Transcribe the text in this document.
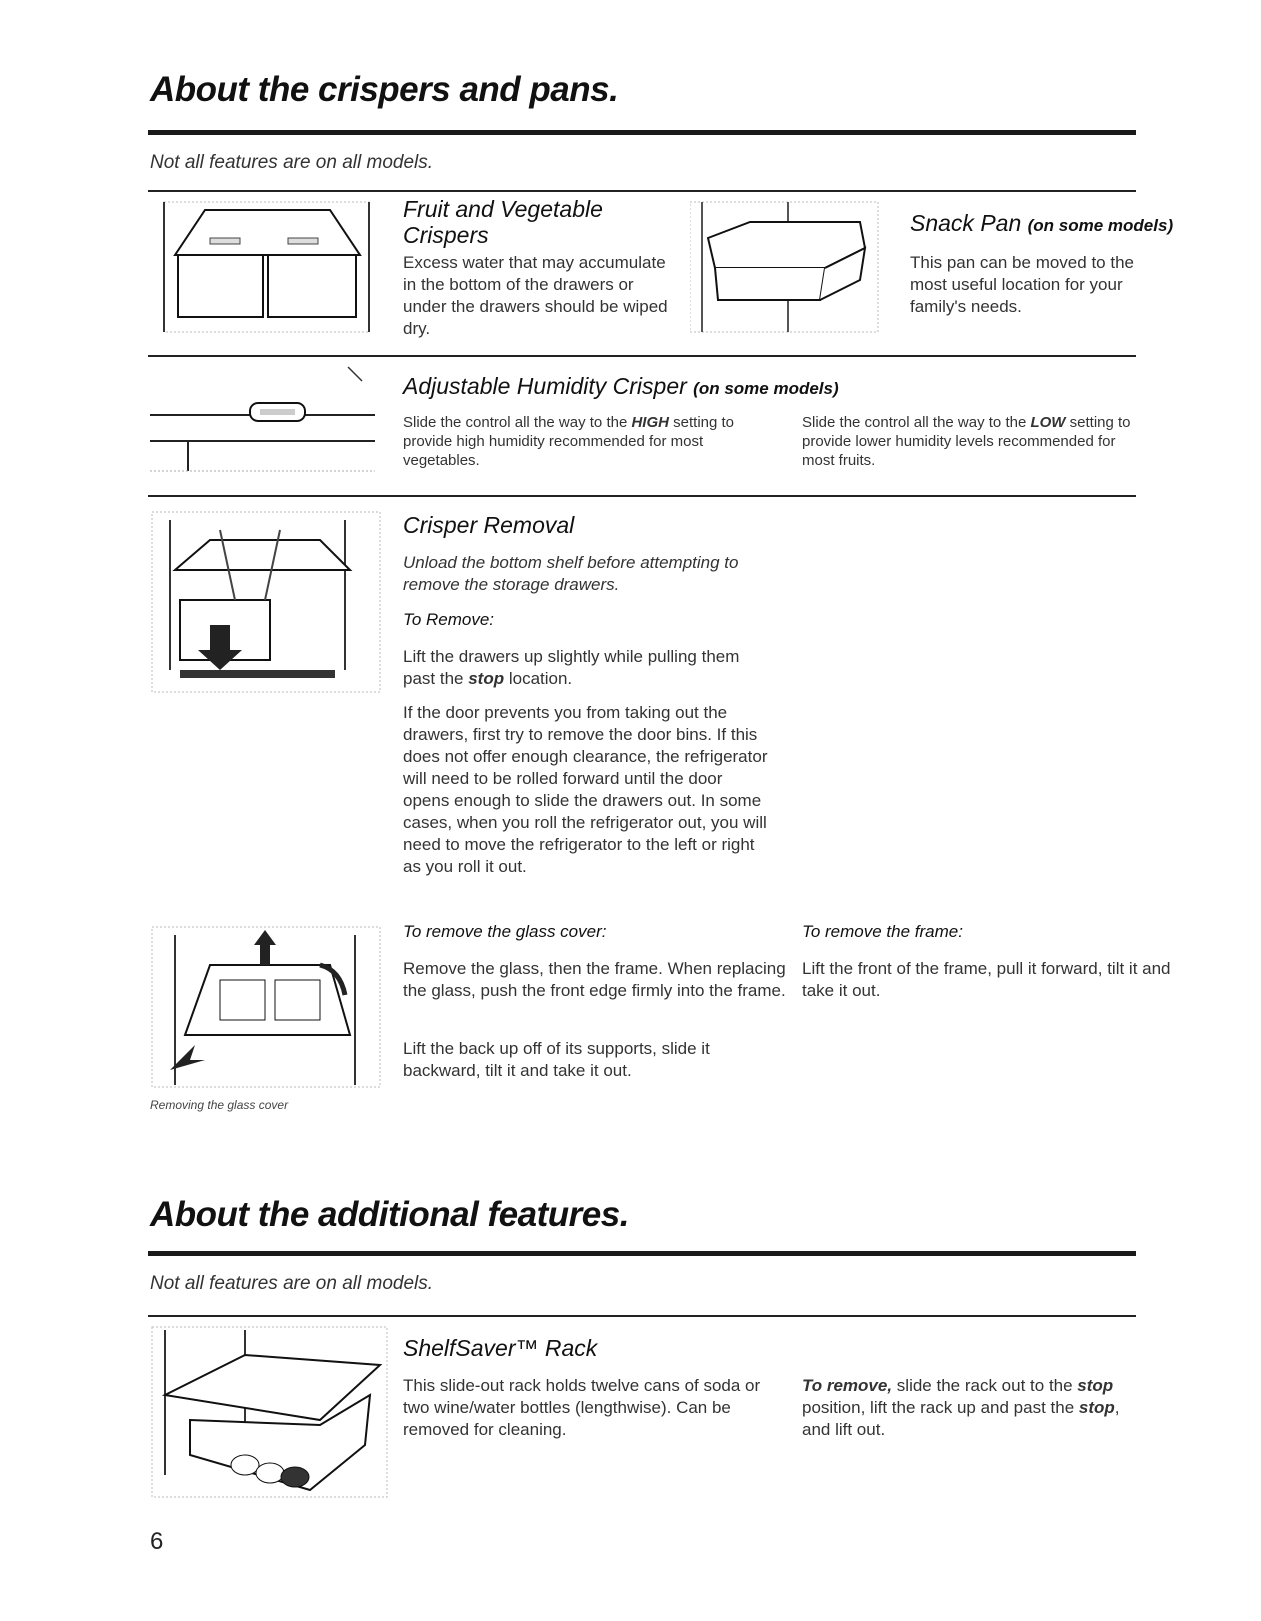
About the crispers and pans.
Not all features are on all models.
Fruit and Vegetable
Crispers
Excess water that may accumulate in the bottom of the drawers or under the drawers should be wiped dry.
Snack Pan (on some models)
This pan can be moved to the most useful location for your family's needs.
Adjustable Humidity Crisper (on some models)
Slide the control all the way to the HIGH setting to provide high humidity recommended for most vegetables.
Slide the control all the way to the LOW setting to provide lower humidity levels recommended for most fruits.
Crisper Removal
Unload the bottom shelf before attempting to remove the storage drawers.
To Remove:
Lift the drawers up slightly while pulling them past the stop location.
If the door prevents you from taking out the drawers, first try to remove the door bins. If this does not offer enough clearance, the refrigerator will need to be rolled forward until the door opens enough to slide the drawers out. In some cases, when you roll the refrigerator out, you will need to move the refrigerator to the left or right as you roll it out.
Removing the glass cover
To remove the glass cover:
Remove the glass, then the frame. When replacing the glass, push the front edge firmly into the frame.
Lift the back up off of its supports, slide it backward, tilt it and take it out.
To remove the frame:
Lift the front of the frame, pull it forward, tilt it and take it out.
About the additional features.
Not all features are on all models.
ShelfSaver™ Rack
This slide-out rack holds twelve cans of soda or two wine/water bottles (lengthwise). Can be removed for cleaning.
To remove, slide the rack out to the stop position, lift the rack up and past the stop, and lift out.
6
